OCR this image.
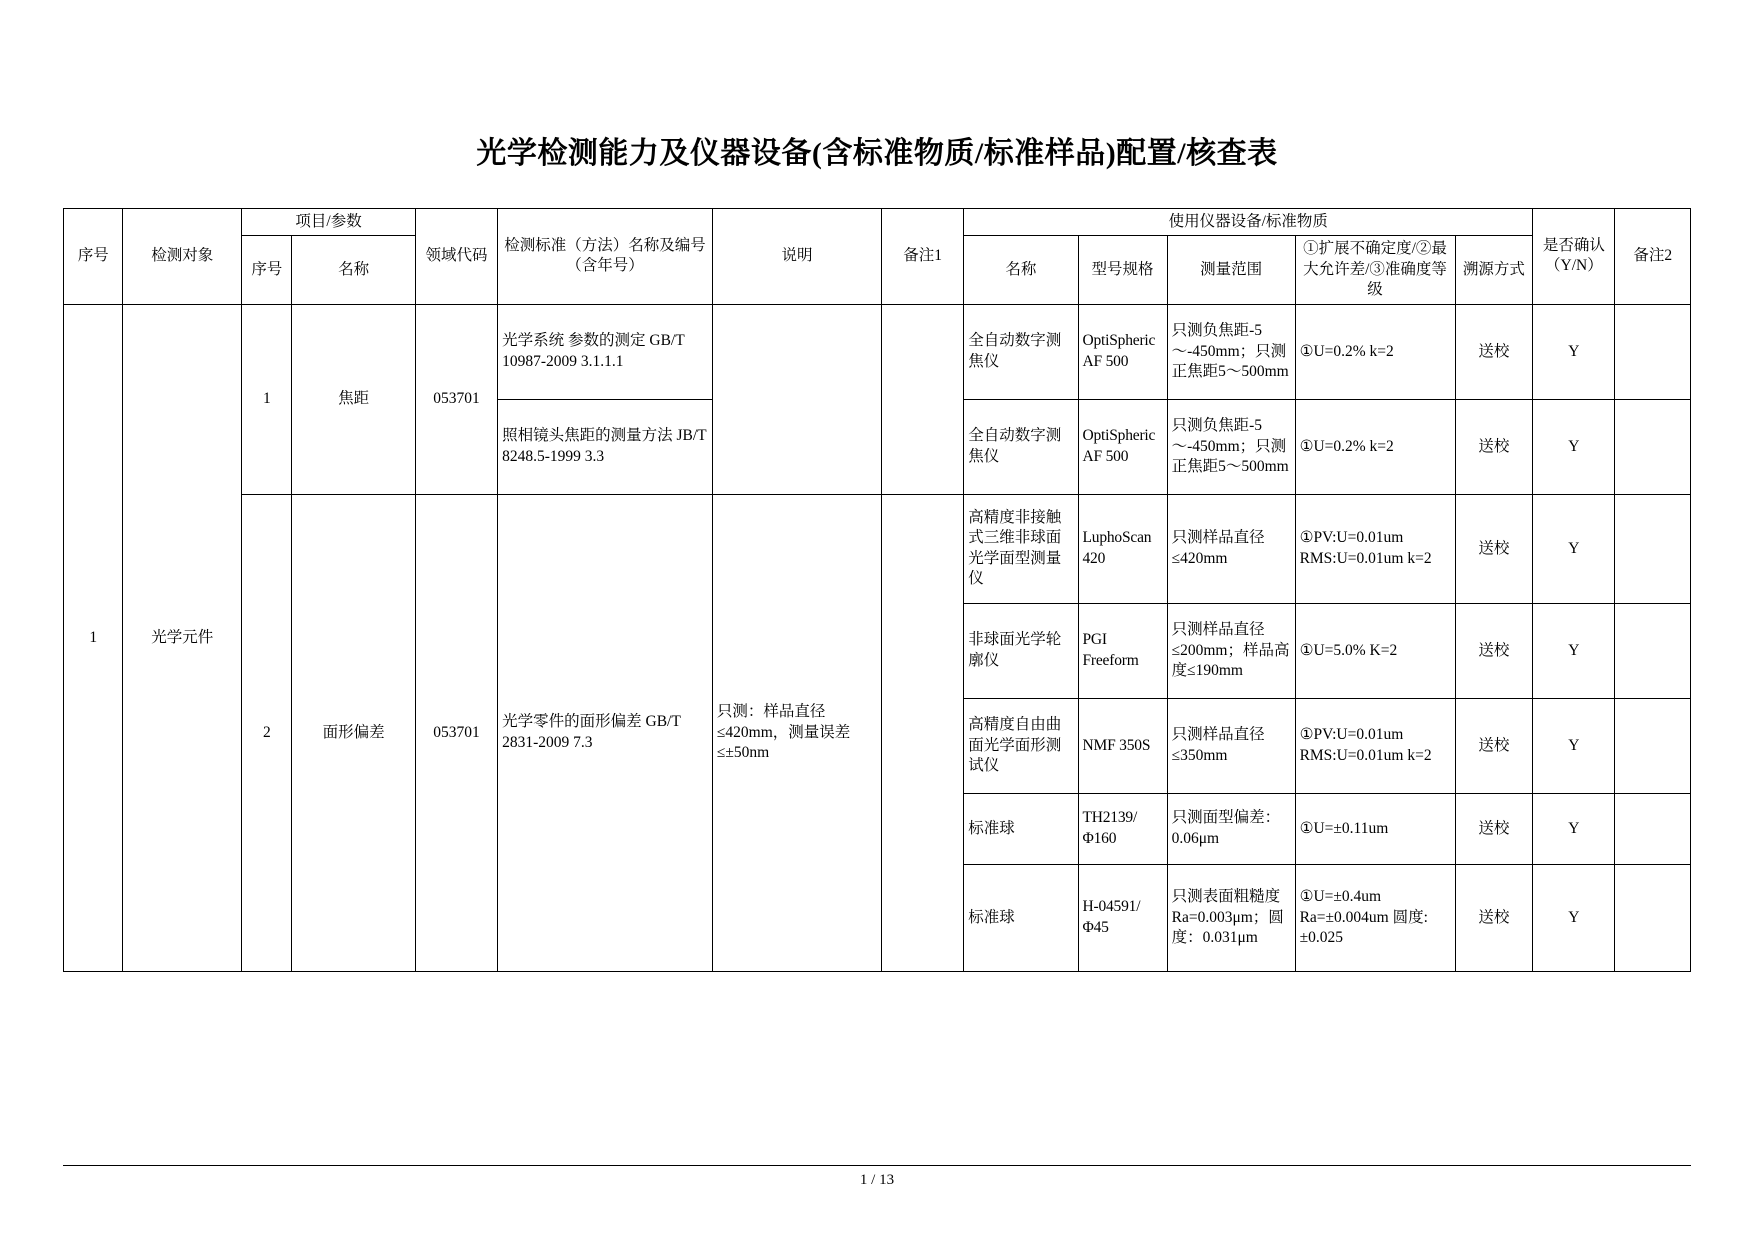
光学检测能力及仪器设备(含标准物质/标准样品)配置/核查表
序号	检测对象	项目/参数		领域代码	检测标准（方法）名称及编号（含年号）	说明	备注1	使用仪器设备/标准物质					是否确认（Y/N）	备注2
		序号	名称					名称	型号规格	测量范围	①扩展不确定度/②最大允许差/③准确度等级	溯源方式		
1	光学元件	1	焦距	053701	光学系统 参数的测定 GB/T 10987-2009 3.1.1.1			全自动数字测焦仪	OptiSpheric AF 500	只测负焦距-5～-450mm；只测正焦距5～500mm	①U=0.2% k=2	送校	Y	
					照相镜头焦距的测量方法 JB/T 8248.5-1999 3.3			全自动数字测焦仪	OptiSpheric AF 500	只测负焦距-5～-450mm；只测正焦距5～500mm	①U=0.2% k=2	送校	Y	
		2	面形偏差	053701	光学零件的面形偏差 GB/T 2831-2009 7.3	只测：样品直径≤420mm，测量误差≤±50nm		高精度非接触式三维非球面光学面型测量仪	LuphoScan 420	只测样品直径≤420mm	①PV:U=0.01um RMS:U=0.01um k=2	送校	Y	
								非球面光学轮廓仪	PGI Freeform	只测样品直径≤200mm；样品高度≤190mm	①U=5.0% K=2	送校	Y	
								高精度自由曲面光学面形测试仪	NMF 350S	只测样品直径≤350mm	①PV:U=0.01um RMS:U=0.01um k=2	送校	Y	
								标准球	TH2139/Φ160	只测面型偏差：0.06μm	①U=±0.11um	送校	Y	
								标准球	H-04591/Φ45	只测表面粗糙度Ra=0.003μm；圆度：0.031μm	①U=±0.4um Ra=±0.004um 圆度:±0.025	送校	Y	
1 / 13
